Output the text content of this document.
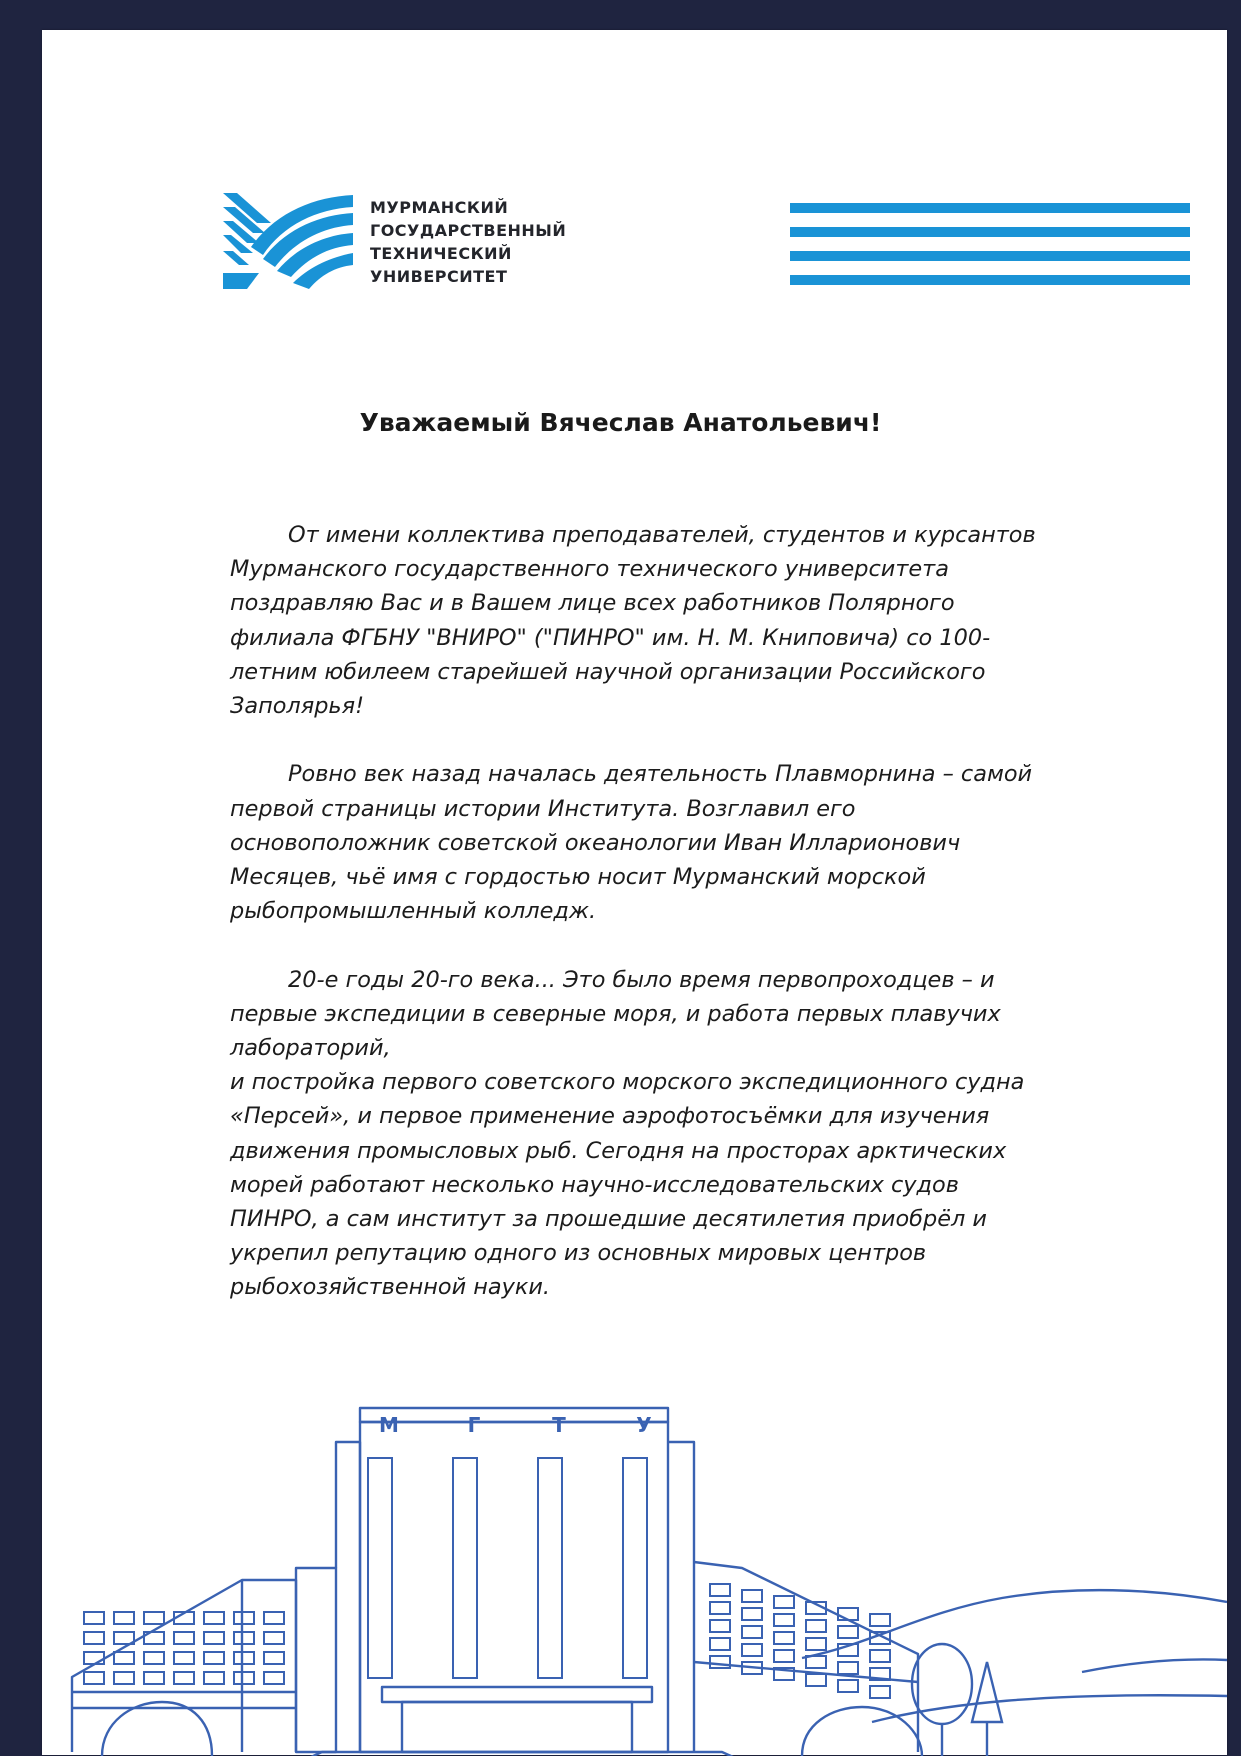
МУРМАНСКИЙ
ГОСУДАРСТВЕННЫЙ
ТЕХНИЧЕСКИЙ
УНИВЕРСИТЕТ
Уважаемый Вячеслав Анатольевич!

От имени коллектива преподавателей, студентов и курсантов
Мурманского государственного технического университета
поздравляю Вас и в Вашем лице всех работников Полярного
филиала ФГБНУ "ВНИРО" ("ПИНРО" им. Н. М. Книповича) со 100-
летним юбилеем старейшей научной организации Российского
Заполярья!

Ровно век назад началась деятельность Плавморнина – самой
первой страницы истории Института. Возглавил его
основоположник советской океанологии Иван Илларионович
Месяцев, чьё имя с гордостью носит Мурманский морской
рыбопромышленный колледж.

20-е годы 20-го века... Это было время первопроходцев – и
первые экспедиции в северные моря, и работа первых плавучих
лабораторий,
и постройка первого советского морского экспедиционного судна
«Персей», и первое применение аэрофотосъёмки для изучения
движения промысловых рыб. Сегодня на просторах арктических
морей работают несколько научно-исследовательских судов
ПИНРО, а сам институт за прошедшие десятилетия приобрёл и
укрепил репутацию одного из основных мировых центров
рыбохозяйственной науки.

М	Г	Т	У
